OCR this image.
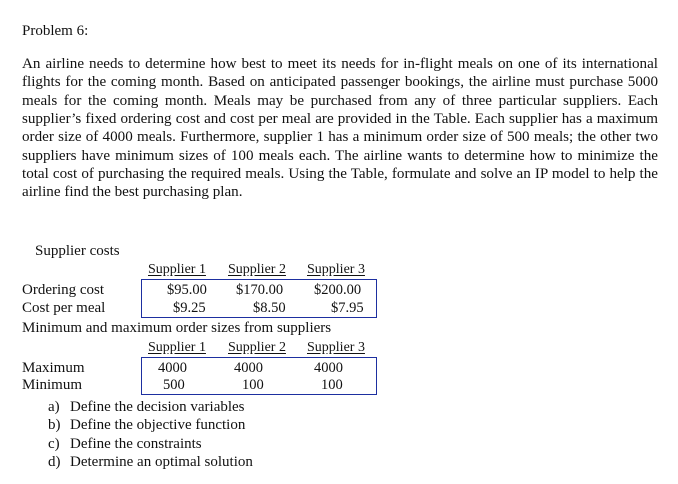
Problem 6:

An airline needs to determine how best to meet its needs for in-flight meals on one of its international flights for the coming month. Based on anticipated passenger bookings, the airline must purchase 5000 meals for the coming month. Meals may be purchased from any of three particular suppliers. Each supplier’s fixed ordering cost and cost per meal are provided in the Table. Each supplier has a maximum order size of 4000 meals. Furthermore, supplier 1 has a minimum order size of 500 meals; the other two suppliers have minimum sizes of 100 meals each. The airline wants to determine how to minimize the total cost of purchasing the required meals. Using the Table, formulate and solve an IP model to help the airline find the best purchasing plan.

Supplier costs
Supplier 1 Supplier 2 Supplier 3
Ordering cost	$95.00 $170.00 $200.00
Cost per meal	$9.25	$8.50	$7.95
Minimum and maximum order sizes from suppliers
Supplier 1 Supplier 2 Supplier 3
Maximum	4000	4000	4000
Minimum	500	100	100
a) Define the decision variables
b) Define the objective function
c) Define the constraints
d) Determine an optimal solution
